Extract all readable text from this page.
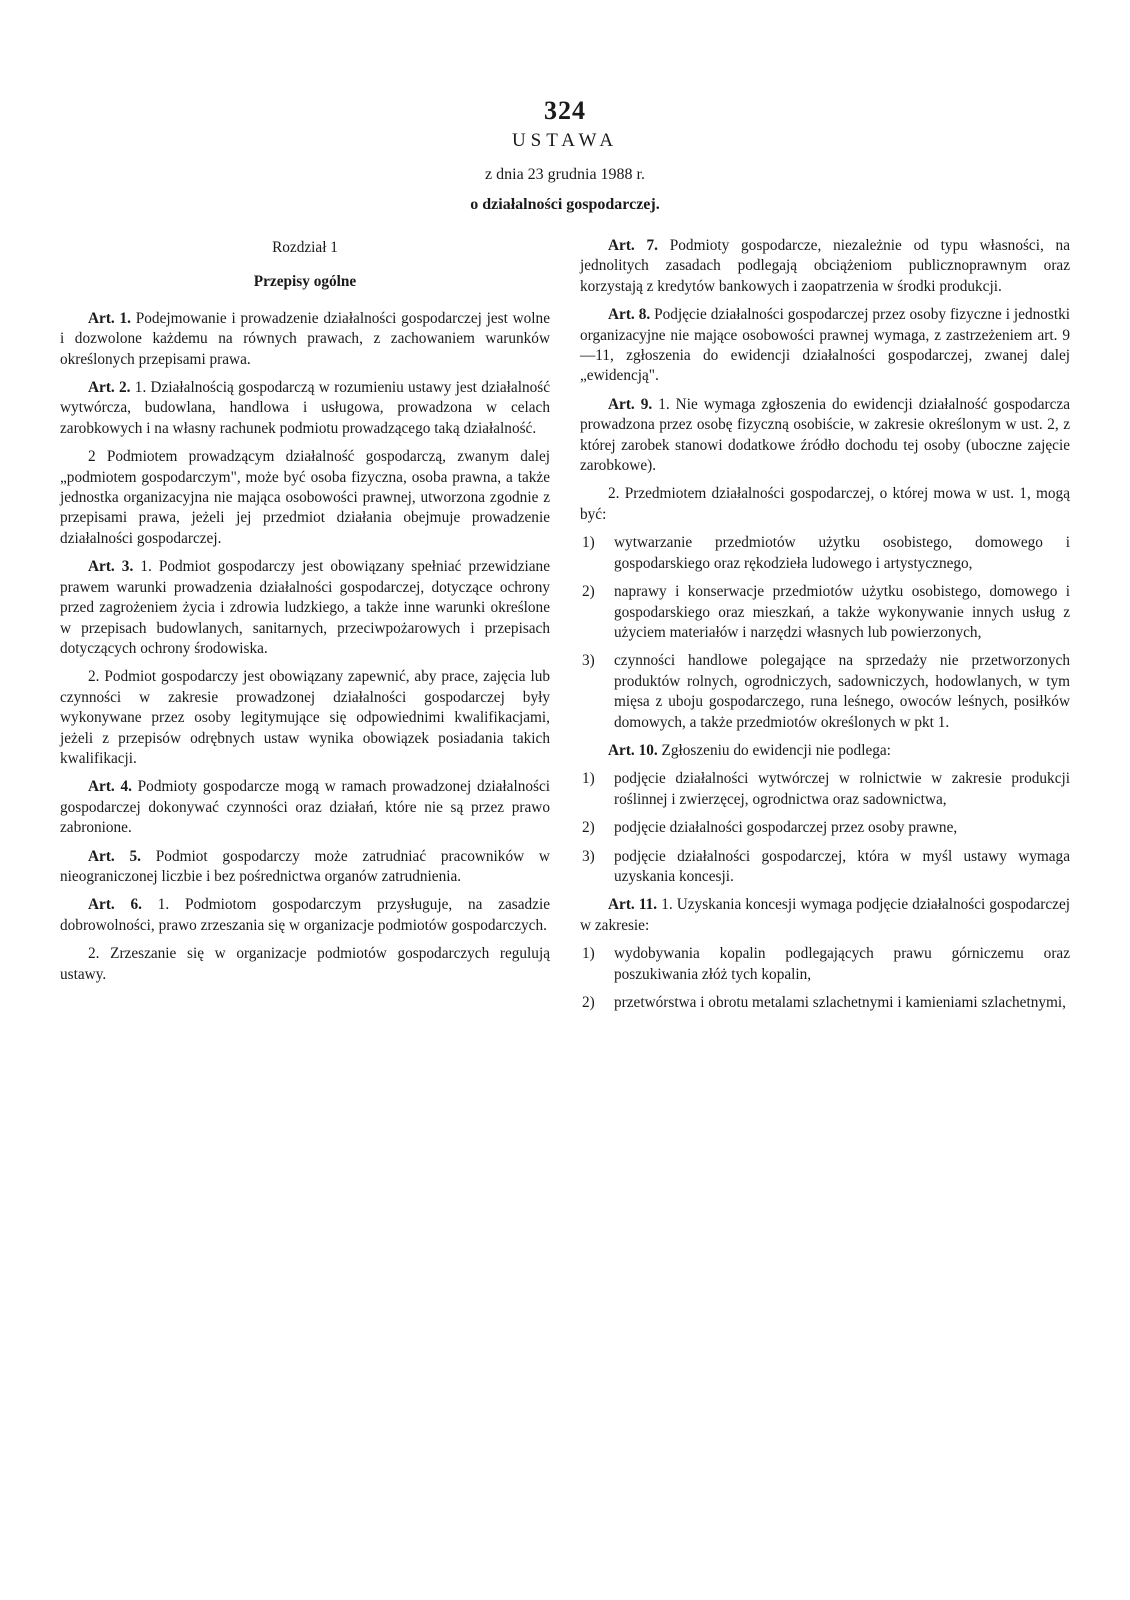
324
USTAWA
z dnia 23 grudnia 1988 r.
o działalności gospodarczej.

Rozdział 1

Przepisy ogólne

Art. 1. Podejmowanie i prowadzenie działalności gospodarczej jest wolne i dozwolone każdemu na równych prawach, z zachowaniem warunków określonych przepisami prawa.

Art. 2. 1. Działalnością gospodarczą w rozumieniu ustawy jest działalność wytwórcza, budowlana, handlowa i usługowa, prowadzona w celach zarobkowych i na własny rachunek podmiotu prowadzącego taką działalność.

2 Podmiotem prowadzącym działalność gospodarczą, zwanym dalej „podmiotem gospodarczym", może być osoba fizyczna, osoba prawna, a także jednostka organizacyjna nie mająca osobowości prawnej, utworzona zgodnie z przepisami prawa, jeżeli jej przedmiot działania obejmuje prowadzenie działalności gospodarczej.

Art. 3. 1. Podmiot gospodarczy jest obowiązany spełniać przewidziane prawem warunki prowadzenia działalności gospodarczej, dotyczące ochrony przed zagrożeniem życia i zdrowia ludzkiego, a także inne warunki określone w przepisach budowlanych, sanitarnych, przeciwpożarowych i przepisach dotyczących ochrony środowiska.

2. Podmiot gospodarczy jest obowiązany zapewnić, aby prace, zajęcia lub czynności w zakresie prowadzonej działalności gospodarczej były wykonywane przez osoby legitymujące się odpowiednimi kwalifikacjami, jeżeli z przepisów odrębnych ustaw wynika obowiązek posiadania takich kwalifikacji.

Art. 4. Podmioty gospodarcze mogą w ramach prowadzonej działalności gospodarczej dokonywać czynności oraz działań, które nie są przez prawo zabronione.

Art. 5. Podmiot gospodarczy może zatrudniać pracowników w nieograniczonej liczbie i bez pośrednictwa organów zatrudnienia.

Art. 6. 1. Podmiotom gospodarczym przysługuje, na zasadzie dobrowolności, prawo zrzeszania się w organizacje podmiotów gospodarczych.

2. Zrzeszanie się w organizacje podmiotów gospodarczych regulują ustawy.

Art. 7. Podmioty gospodarcze, niezależnie od typu własności, na jednolitych zasadach podlegają obciążeniom publicznoprawnym oraz korzystają z kredytów bankowych i zaopatrzenia w środki produkcji.

Art. 8. Podjęcie działalności gospodarczej przez osoby fizyczne i jednostki organizacyjne nie mające osobowości prawnej wymaga, z zastrzeżeniem art. 9—11, zgłoszenia do ewidencji działalności gospodarczej, zwanej dalej „ewidencją".

Art. 9. 1. Nie wymaga zgłoszenia do ewidencji działalność gospodarcza prowadzona przez osobę fizyczną osobiście, w zakresie określonym w ust. 2, z której zarobek stanowi dodatkowe źródło dochodu tej osoby (uboczne zajęcie zarobkowe).

2. Przedmiotem działalności gospodarczej, o której mowa w ust. 1, mogą być:

1) wytwarzanie przedmiotów użytku osobistego, domowego i gospodarskiego oraz rękodzieła ludowego i artystycznego,
2) naprawy i konserwacje przedmiotów użytku osobistego, domowego i gospodarskiego oraz mieszkań, a także wykonywanie innych usług z użyciem materiałów i narzędzi własnych lub powierzonych,
3) czynności handlowe polegające na sprzedaży nie przetworzonych produktów rolnych, ogrodniczych, sadowniczych, hodowlanych, w tym mięsa z uboju gospodarczego, runa leśnego, owoców leśnych, posiłków domowych, a także przedmiotów określonych w pkt 1.

Art. 10. Zgłoszeniu do ewidencji nie podlega:

1) podjęcie działalności wytwórczej w rolnictwie w zakresie produkcji roślinnej i zwierzęcej, ogrodnictwa oraz sadownictwa,
2) podjęcie działalności gospodarczej przez osoby prawne,
3) podjęcie działalności gospodarczej, która w myśl ustawy wymaga uzyskania koncesji.

Art. 11. 1. Uzyskania koncesji wymaga podjęcie działalności gospodarczej w zakresie:

1) wydobywania kopalin podlegających prawu górniczemu oraz poszukiwania złóż tych kopalin,
2) przetwórstwa i obrotu metalami szlachetnymi i kamieniami szlachetnymi,
